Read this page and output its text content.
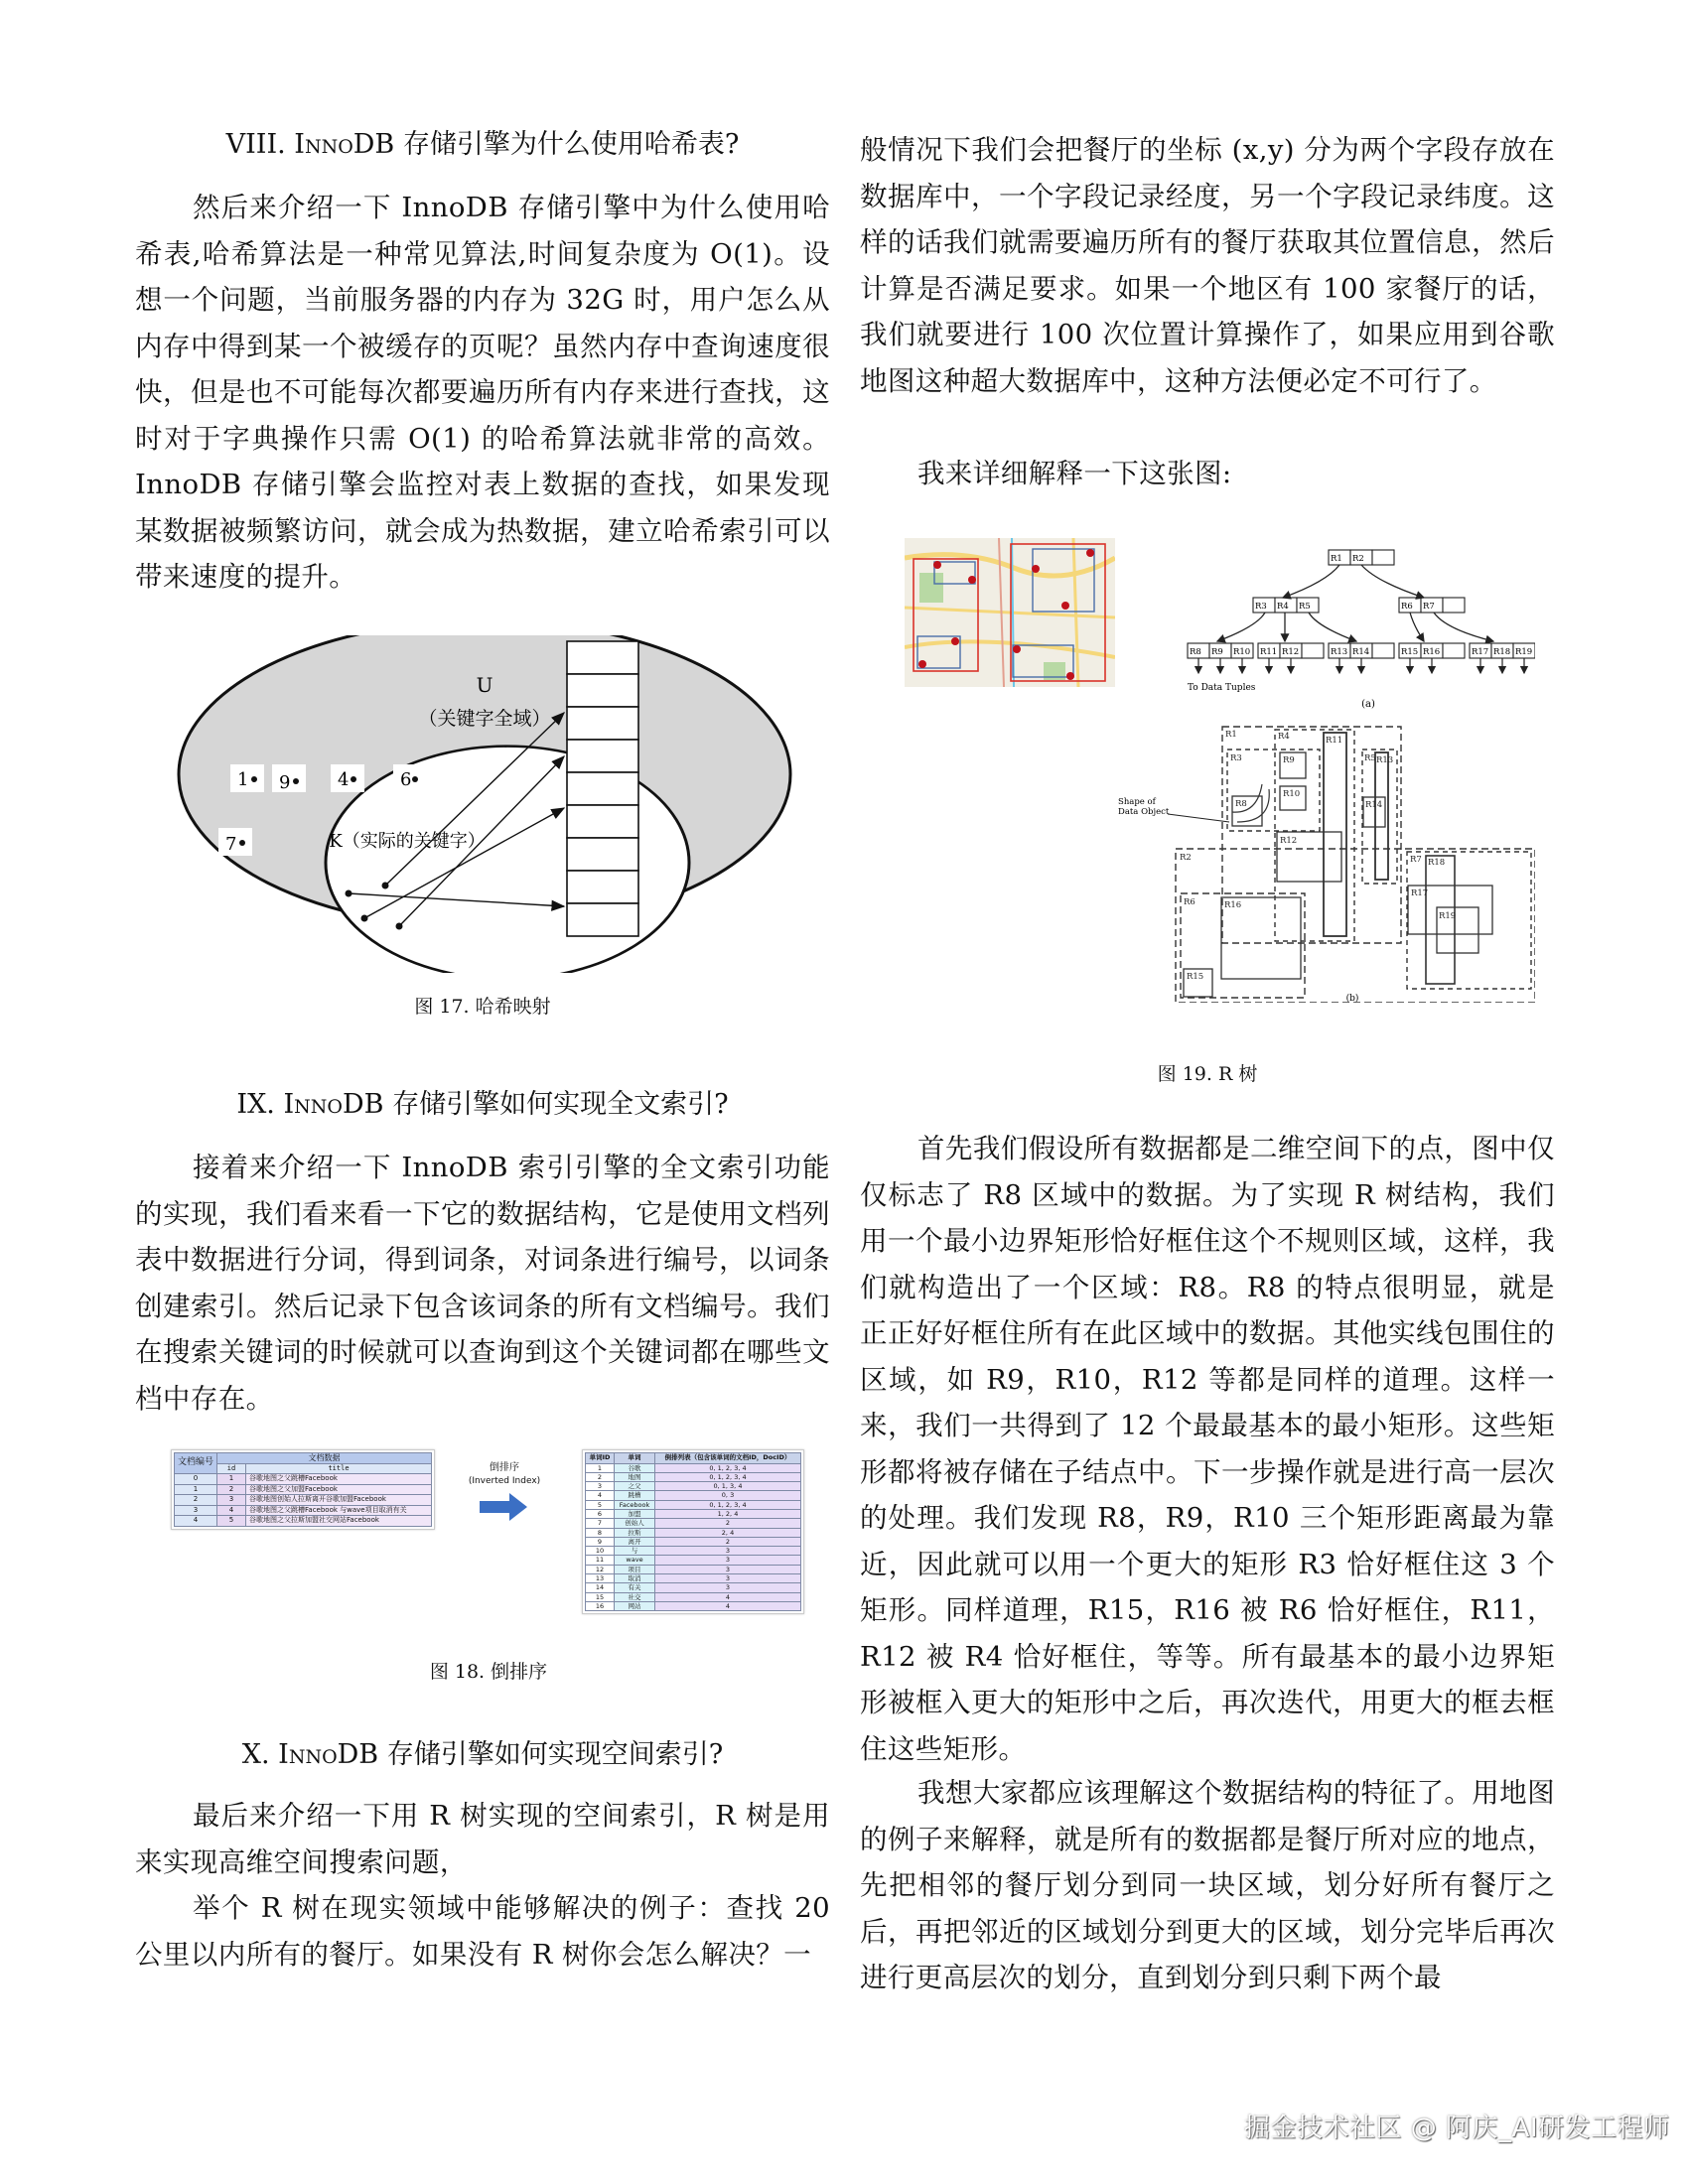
VIII. InnoDB 存储引擎为什么使用哈希表?

然后来介绍一下 InnoDB 存储引擎中为什么使用哈希表,哈希算法是一种常见算法,时间复杂度为 O(1)。设想一个问题，当前服务器的内存为 32G 时，用户怎么从内存中得到某一个被缓存的页呢？虽然内存中查询速度很快，但是也不可能每次都要遍历所有内存来进行查找，这时对于字典操作只需 O(1) 的哈希算法就非常的高效。InnoDB 存储引擎会监控对表上数据的查找，如果发现某数据被频繁访问，就会成为热数据，建立哈希索引可以带来速度的提升。

U
（关键字全域）
1 9	4	6
7	K（实际的关键字）
图 17. 哈希映射
IX. InnoDB 存储引擎如何实现全文索引?

接着来介绍一下 InnoDB 索引引擎的全文索引功能的实现，我们看来看一下它的数据结构，它是使用文档列表中数据进行分词，得到词条，对词条进行编号，以词条创建索引。然后记录下包含该词条的所有文档编号。我们在搜索关键词的时候就可以查询到这个关键词都在哪些文档中存在。

文档编号	文档数据	
	id	title
0	1	谷歌地图之父跳槽Facebook
1	2	谷歌地图之父加盟Facebook
2	3	谷歌地图创始人拉斯离开谷歌加盟Facebook
3	4	谷歌地图之父跳槽Facebook 与wave项目取消有关
4	5	谷歌地图之父拉斯加盟社交网站Facebook
倒排序
(Inverted Index)
单词ID	单词	倒排列表（包含该单词的文档ID，DocID）
1	谷歌	0, 1, 2, 3, 4
2	地图	0, 1, 2, 3, 4
3	之父	0, 1, 3, 4
4	跳槽	0, 3
5	Facebook	0, 1, 2, 3, 4
6	加盟	1, 2, 4
7	创始人	2
8	拉斯	2, 4
9	离开	2
10	与	3
11	wave	3
12	项目	3
13	取消	3
14	有关	3
15	社交	4
16	网站	4
图 18. 倒排序
X. InnoDB 存储引擎如何实现空间索引?

最后来介绍一下用 R 树实现的空间索引，R 树是用来实现高维空间搜索问题，

举个 R 树在现实领域中能够解决的例子：查找 20 公里以内所有的餐厅。如果没有 R 树你会怎么解决？一

般情况下我们会把餐厅的坐标 (x,y) 分为两个字段存放在数据库中，一个字段记录经度，另一个字段记录纬度。这样的话我们就需要遍历所有的餐厅获取其位置信息，然后计算是否满足要求。如果一个地区有 100 家餐厅的话，我们就要进行 100 次位置计算操作了，如果应用到谷歌地图这种超大数据库中，这种方法便必定不可行了。

我来详细解释一下这张图:

R1 R2
R3 R4 R5	R6 R7
R8 R9 R10 R11 R12	R13 R14	R15 R16	R17 R18 R19
To Data Tuples
(a)
R1
R2
R3
R4
R5
R6
R7
R8
R9
R10
R11
R12
R13
R14
R15
R16
R17
R18
R19
Shape of
Data Object
(b)
图 19. R 树

首先我们假设所有数据都是二维空间下的点，图中仅仅标志了 R8 区域中的数据。为了实现 R 树结构，我们用一个最小边界矩形恰好框住这个不规则区域，这样，我们就构造出了一个区域：R8。R8 的特点很明显，就是正正好好框住所有在此区域中的数据。其他实线包围住的区域，如 R9，R10，R12 等都是同样的道理。这样一来，我们一共得到了 12 个最最基本的最小矩形。这些矩形都将被存储在子结点中。下一步操作就是进行高一层次的处理。我们发现 R8，R9，R10 三个矩形距离最为靠近，因此就可以用一个更大的矩形 R3 恰好框住这 3 个矩形。同样道理，R15，R16 被 R6 恰好框住，R11，R12 被 R4 恰好框住，等等。所有最基本的最小边界矩形被框入更大的矩形中之后，再次迭代，用更大的框去框住这些矩形。

我想大家都应该理解这个数据结构的特征了。用地图的例子来解释，就是所有的数据都是餐厅所对应的地点，先把相邻的餐厅划分到同一块区域，划分好所有餐厅之后，再把邻近的区域划分到更大的区域，划分完毕后再次进行更高层次的划分，直到划分到只剩下两个最

掘金技术社区 @ 阿庆_AI研发工程师
